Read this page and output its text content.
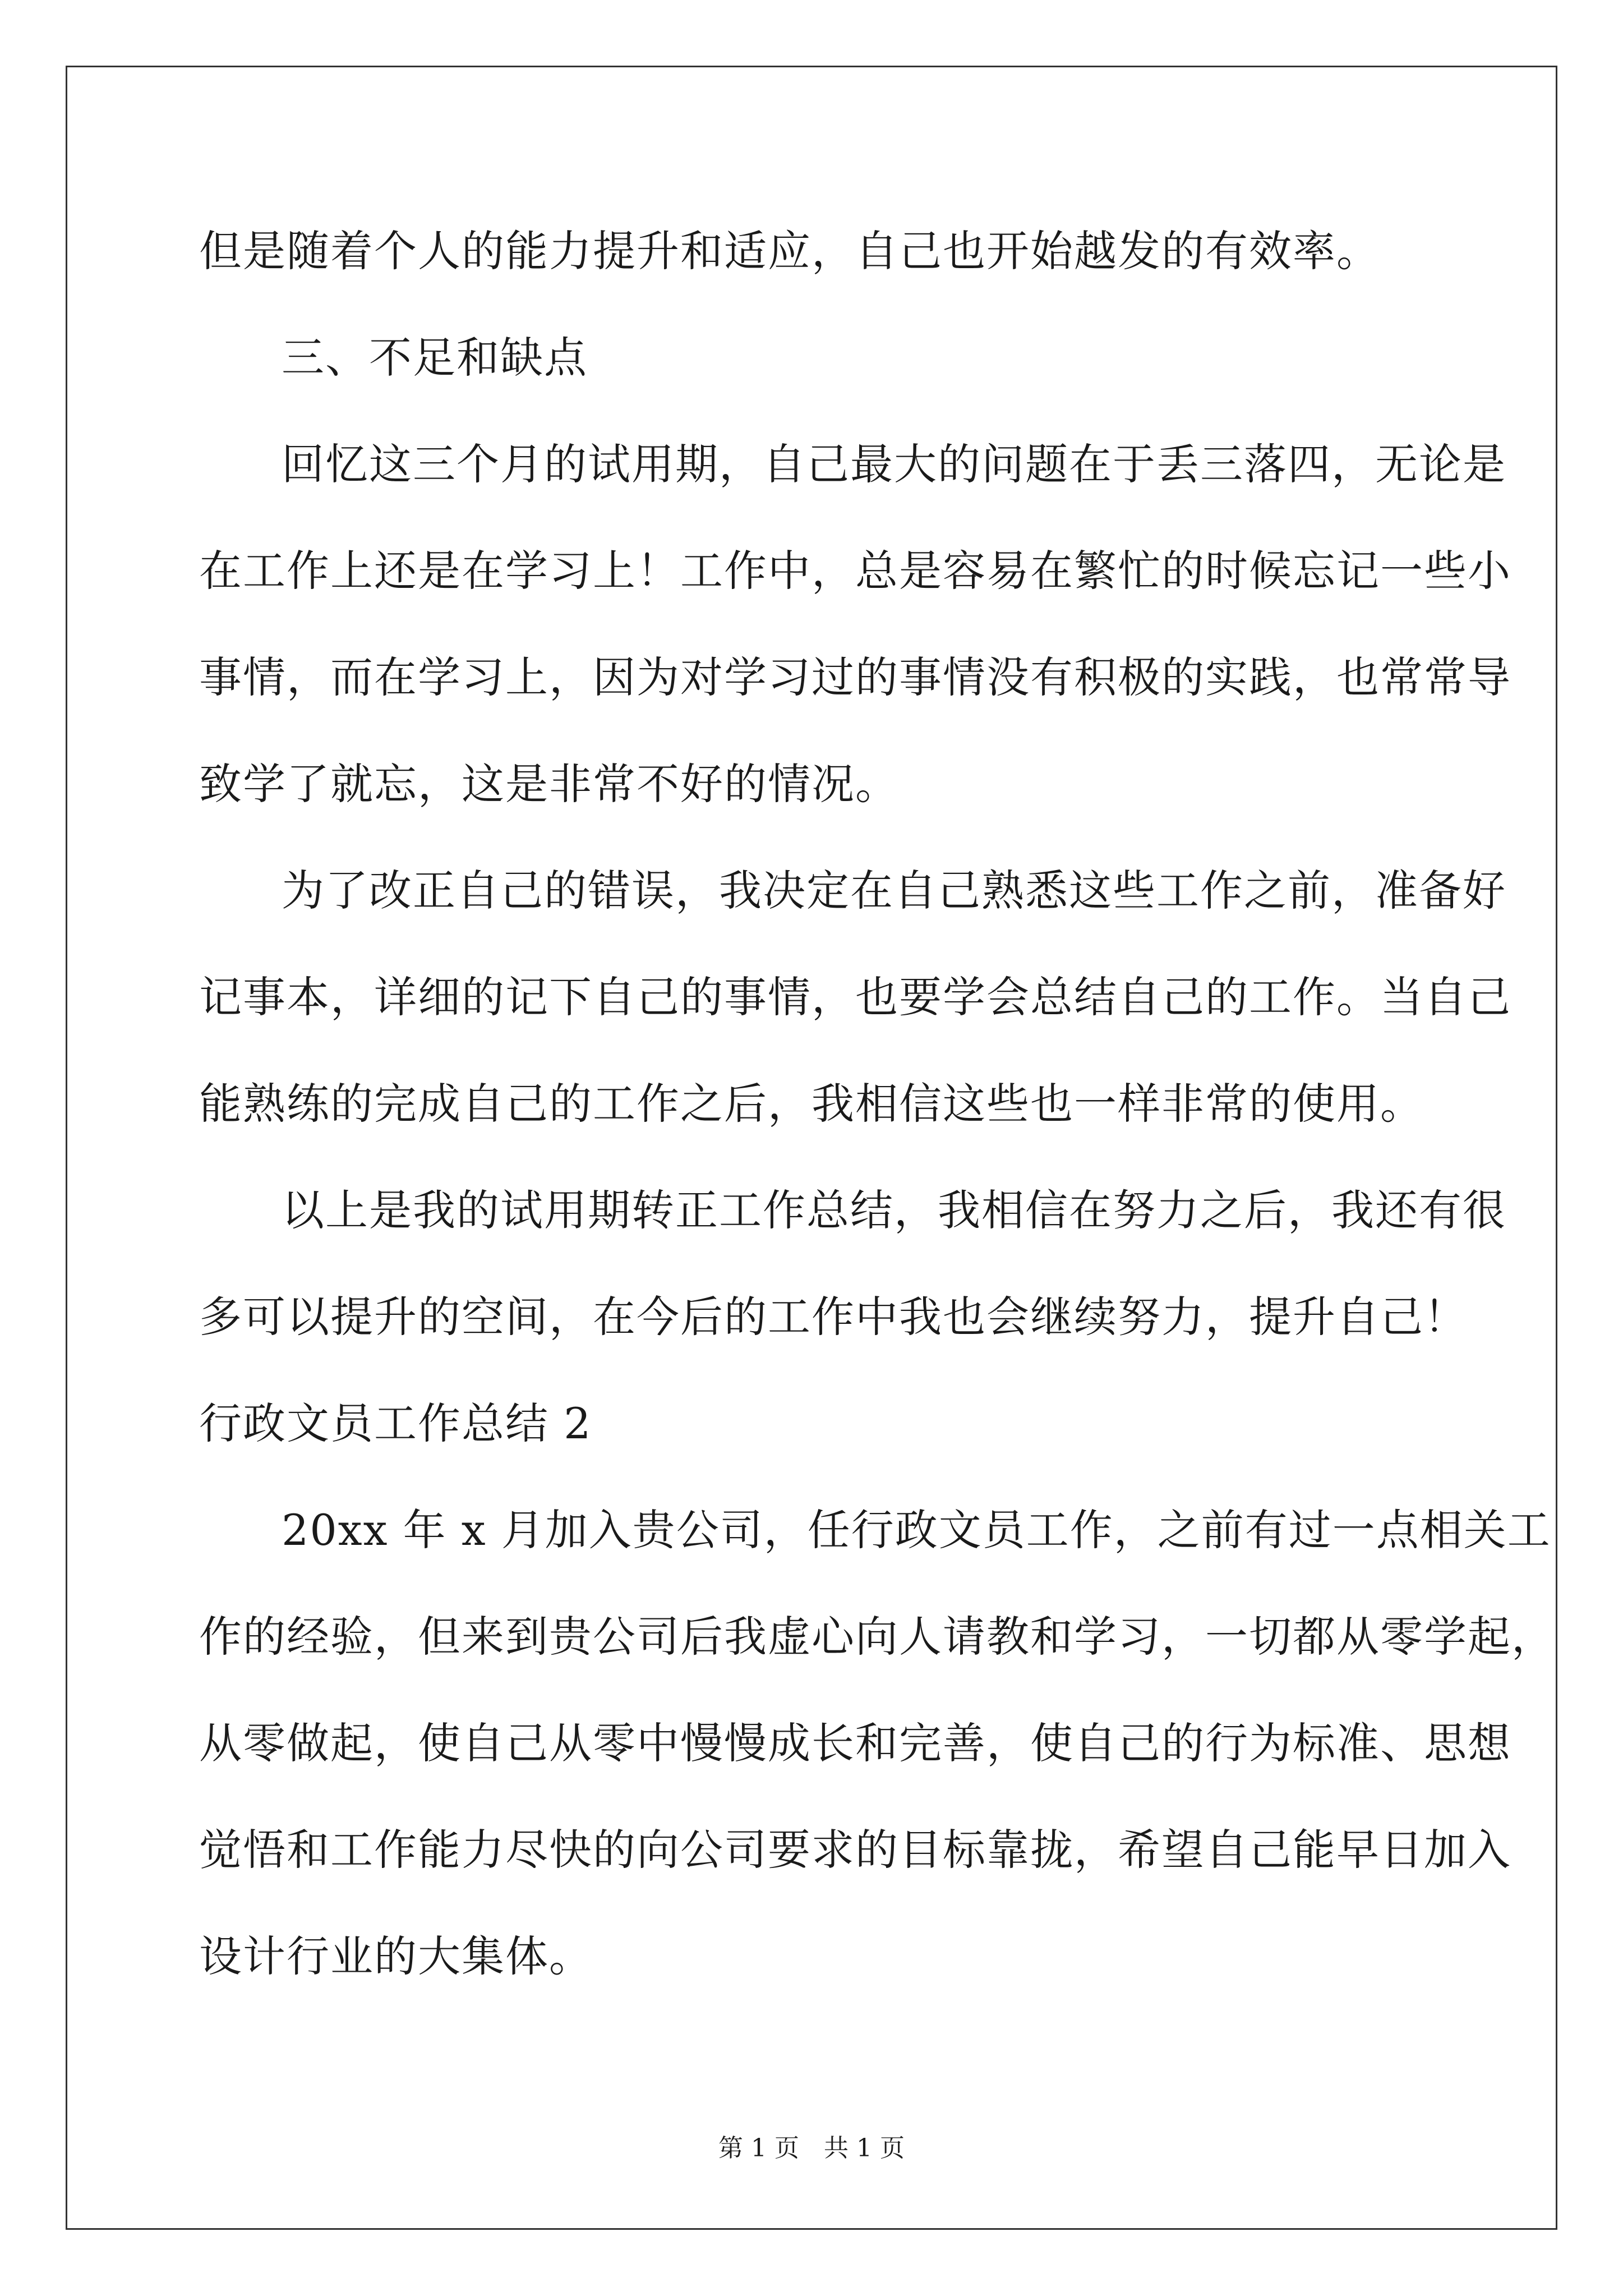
但是随着个人的能力提升和适应，自己也开始越发的有效率。
三、不足和缺点
回忆这三个月的试用期，自己最大的问题在于丢三落四，无论是
在工作上还是在学习上！工作中，总是容易在繁忙的时候忘记一些小
事情，而在学习上，因为对学习过的事情没有积极的实践，也常常导
致学了就忘，这是非常不好的情况。
为了改正自己的错误，我决定在自己熟悉这些工作之前，准备好
记事本，详细的记下自己的事情，也要学会总结自己的工作。当自己
能熟练的完成自己的工作之后，我相信这些也一样非常的使用。
以上是我的试用期转正工作总结，我相信在努力之后，我还有很
多可以提升的空间，在今后的工作中我也会继续努力，提升自己！
行政文员工作总结 2
20xx 年 x 月加入贵公司，任行政文员工作，之前有过一点相关工
作的经验，但来到贵公司后我虚心向人请教和学习，一切都从零学起，
从零做起，使自己从零中慢慢成长和完善，使自己的行为标准、思想
觉悟和工作能力尽快的向公司要求的目标靠拢，希望自己能早日加入
设计行业的大集体。
第 1 页　共 1 页
